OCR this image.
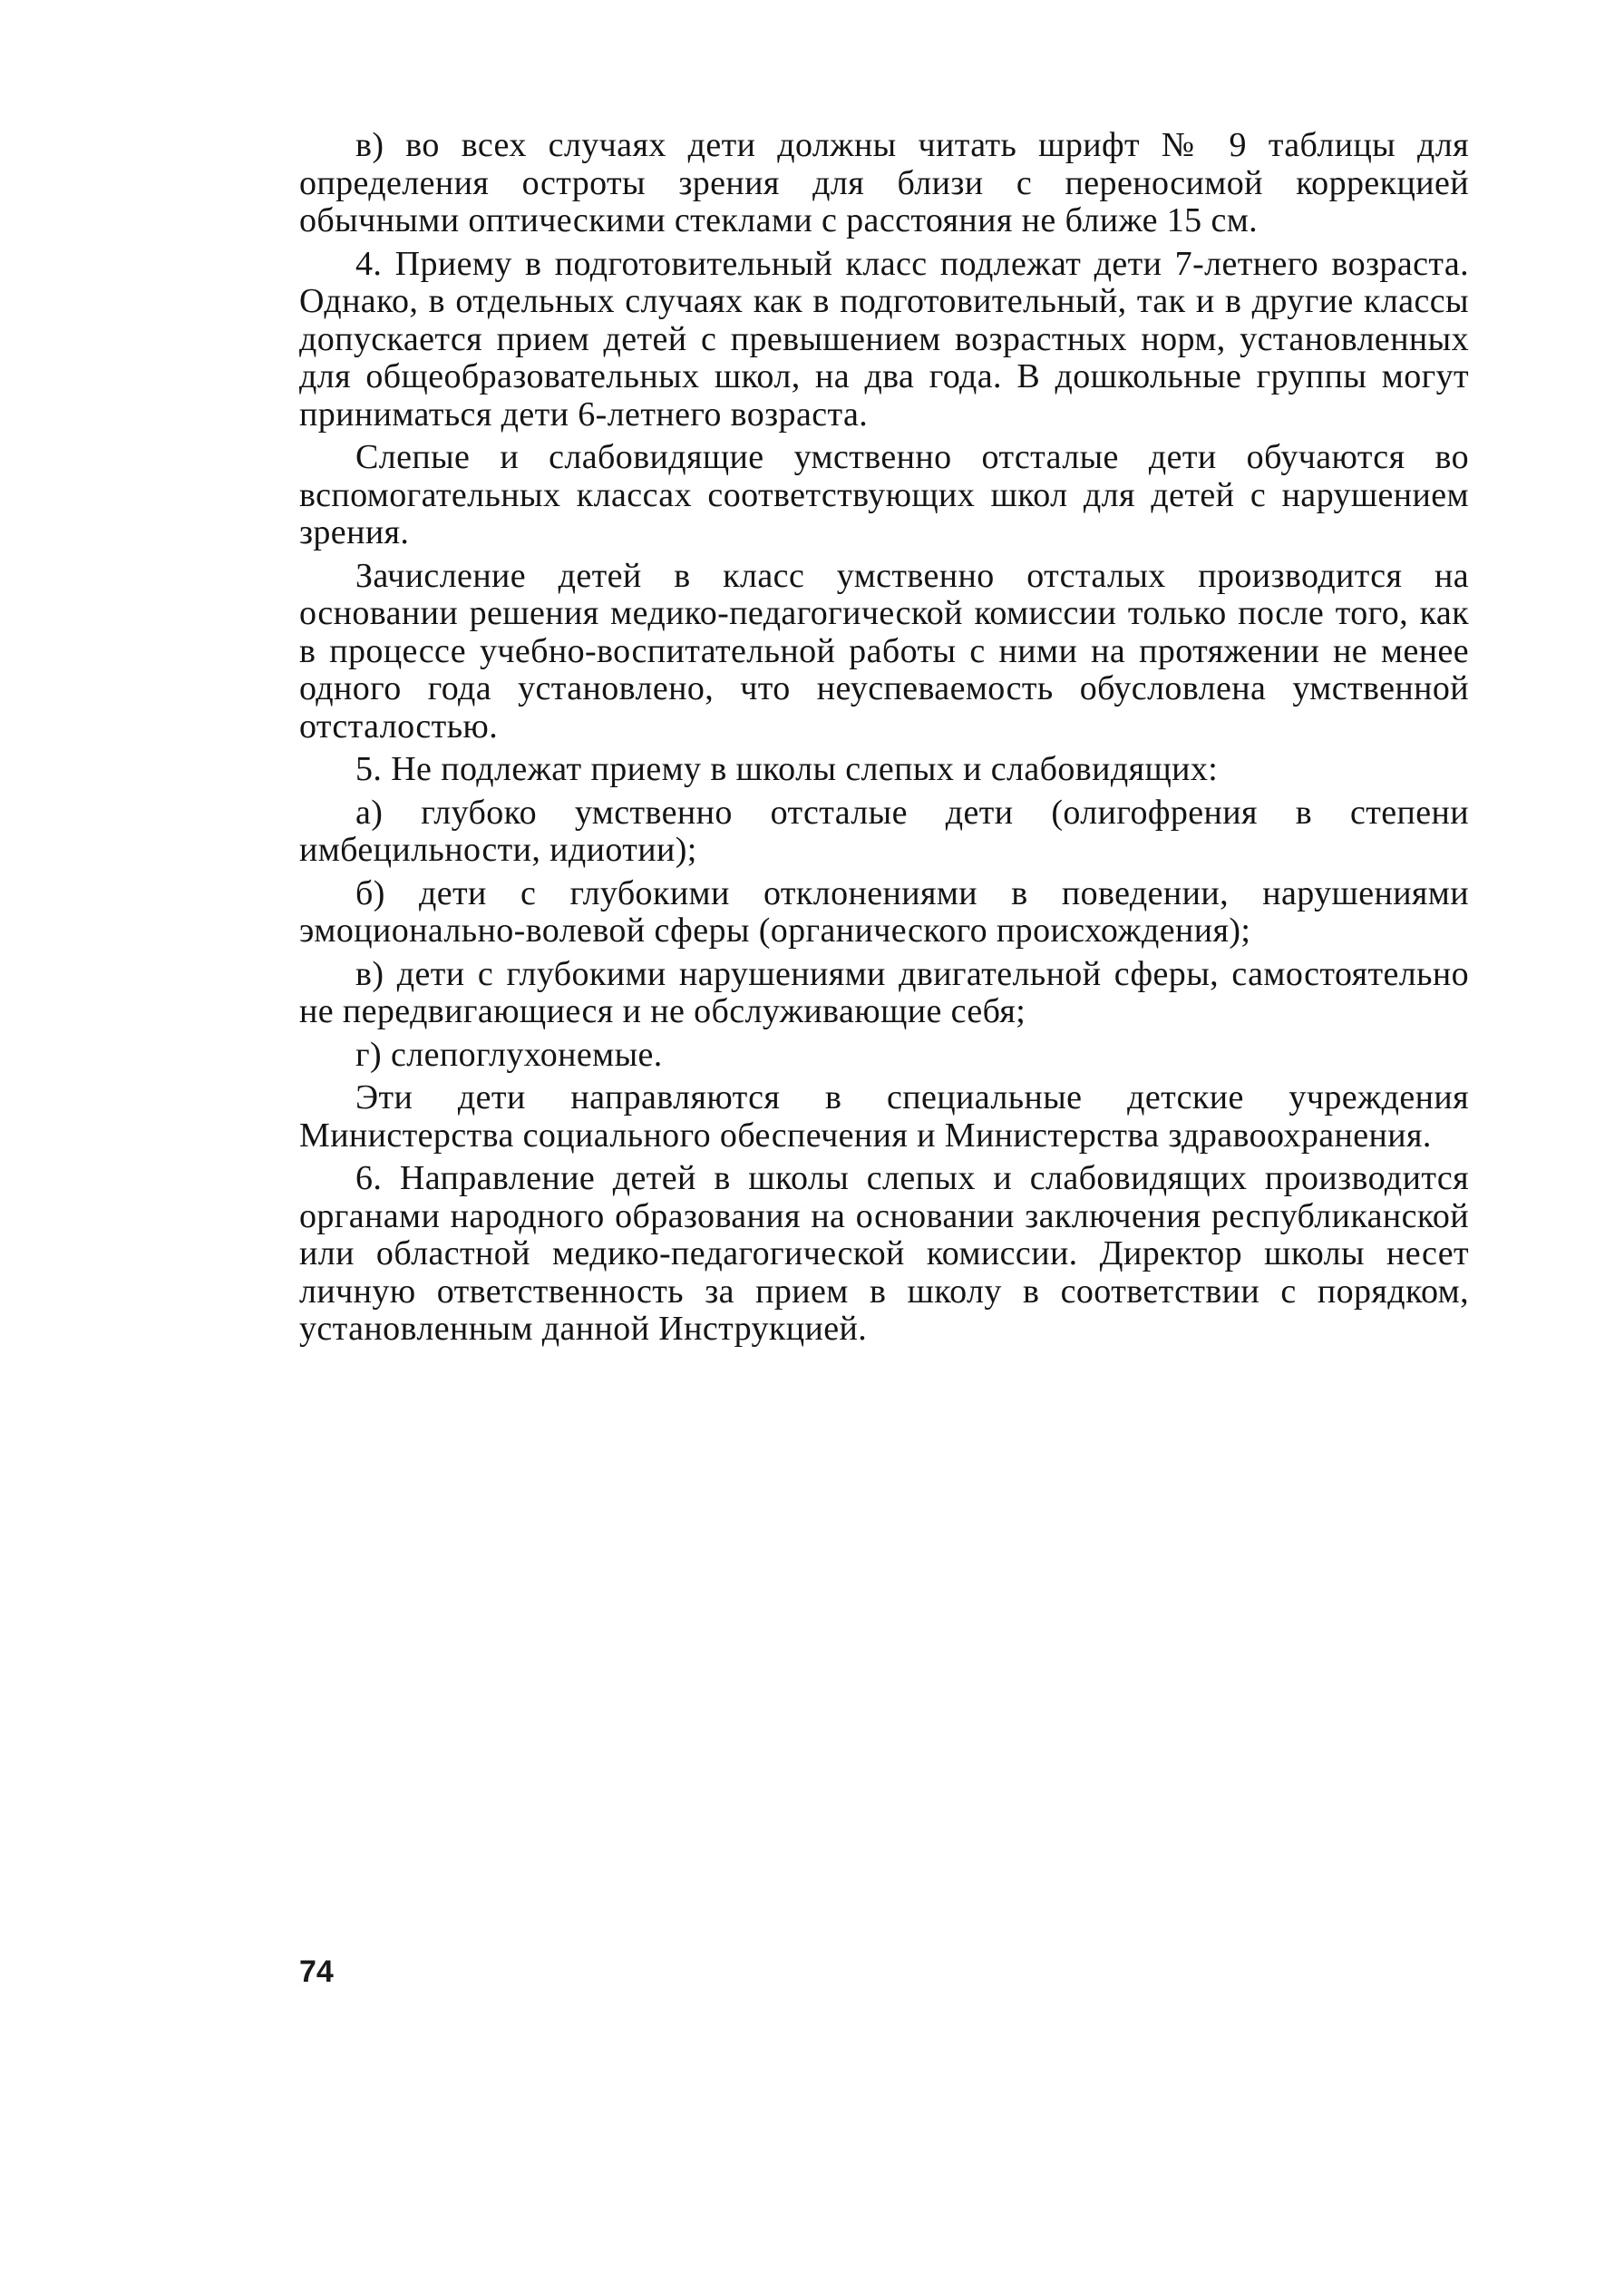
в) во всех случаях дети должны читать шрифт № 9 таблицы для определения остроты зрения для близи с переносимой коррекцией обычными оптическими стеклами с расстояния не ближе 15 см.

4. Приему в подготовительный класс подлежат дети 7-летнего возраста. Однако, в отдельных случаях как в подготовительный, так и в другие классы допускается прием детей с превышением возрастных норм, установленных для общеобразовательных школ, на два года. В дошкольные группы могут приниматься дети 6-летнего возраста.

Слепые и слабовидящие умственно отсталые дети обучаются во вспомогательных классах соответствующих школ для детей с нарушением зрения.

Зачисление детей в класс умственно отсталых производится на основании решения медико-педагогической комиссии только после того, как в процессе учебно-воспитательной работы с ними на протяжении не менее одного года установлено, что неуспеваемость обусловлена умственной отсталостью.

5. Не подлежат приему в школы слепых и слабовидящих:

а) глубоко умственно отсталые дети (олигофрения в степени имбецильности, идиотии);

б) дети с глубокими отклонениями в поведении, нарушениями эмоционально-волевой сферы (органического происхождения);

в) дети с глубокими нарушениями двигательной сферы, самостоятельно не передвигающиеся и не обслуживающие себя;

г) слепоглухонемые.

Эти дети направляются в специальные детские учреждения Министерства социального обеспечения и Министерства здравоохранения.

6. Направление детей в школы слепых и слабовидящих производится органами народного образования на основании заключения республиканской или областной медико-педагогической комиссии. Директор школы несет личную ответственность за прием в школу в соответствии с порядком, установленным данной Инструкцией.

74
